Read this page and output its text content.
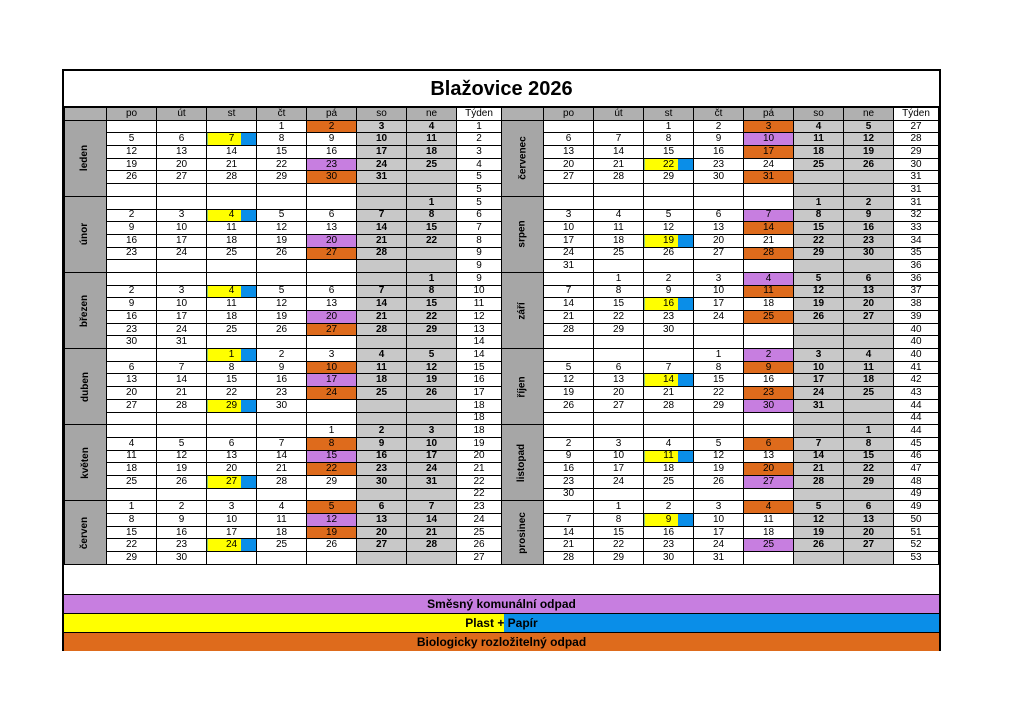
Blažovice 2026
	po	út	st	čt	pá	so	ne	Týden
leden				1	2	3	4	1
	5	6	7	8	9	10	11	2
	12	13	14	15	16	17	18	3
	19	20	21	22	23	24	25	4
	26	27	28	29	30	31		5
								5
únor							1	5
	2	3	4	5	6	7	8	6
	9	10	11	12	13	14	15	7
	16	17	18	19	20	21	22	8
	23	24	25	26	27	28		9
								9
březen							1	9
	2	3	4	5	6	7	8	10
	9	10	11	12	13	14	15	11
	16	17	18	19	20	21	22	12
	23	24	25	26	27	28	29	13
	30	31						14
duben			1	2	3	4	5	14
	6	7	8	9	10	11	12	15
	13	14	15	16	17	18	19	16
	20	21	22	23	24	25	26	17
	27	28	29	30				18
								18
květen					1	2	3	18
	4	5	6	7	8	9	10	19
	11	12	13	14	15	16	17	20
	18	19	20	21	22	23	24	21
	25	26	27	28	29	30	31	22
								22
červen	1	2	3	4	5	6	7	23
	8	9	10	11	12	13	14	24
	15	16	17	18	19	20	21	25
	22	23	24	25	26	27	28	26
	29	30						27
	po	út	st	čt	pá	so	ne	Týden
červenec			1	2	3	4	5	27
	6	7	8	9	10	11	12	28
	13	14	15	16	17	18	19	29
	20	21	22	23	24	25	26	30
	27	28	29	30	31			31
								31
srpen						1	2	31
	3	4	5	6	7	8	9	32
	10	11	12	13	14	15	16	33
	17	18	19	20	21	22	23	34
	24	25	26	27	28	29	30	35
	31							36
září		1	2	3	4	5	6	36
	7	8	9	10	11	12	13	37
	14	15	16	17	18	19	20	38
	21	22	23	24	25	26	27	39
	28	29	30					40
								40
říjen				1	2	3	4	40
	5	6	7	8	9	10	11	41
	12	13	14	15	16	17	18	42
	19	20	21	22	23	24	25	43
	26	27	28	29	30	31		44
								44
listopad							1	44
	2	3	4	5	6	7	8	45
	9	10	11	12	13	14	15	46
	16	17	18	19	20	21	22	47
	23	24	25	26	27	28	29	48
	30							49
prosinec		1	2	3	4	5	6	49
	7	8	9	10	11	12	13	50
	14	15	16	17	18	19	20	51
	21	22	23	24	25	26	27	52
	28	29	30	31				53
Směsný komunální odpad
Plast + Papír
Biologicky rozložitelný odpad
